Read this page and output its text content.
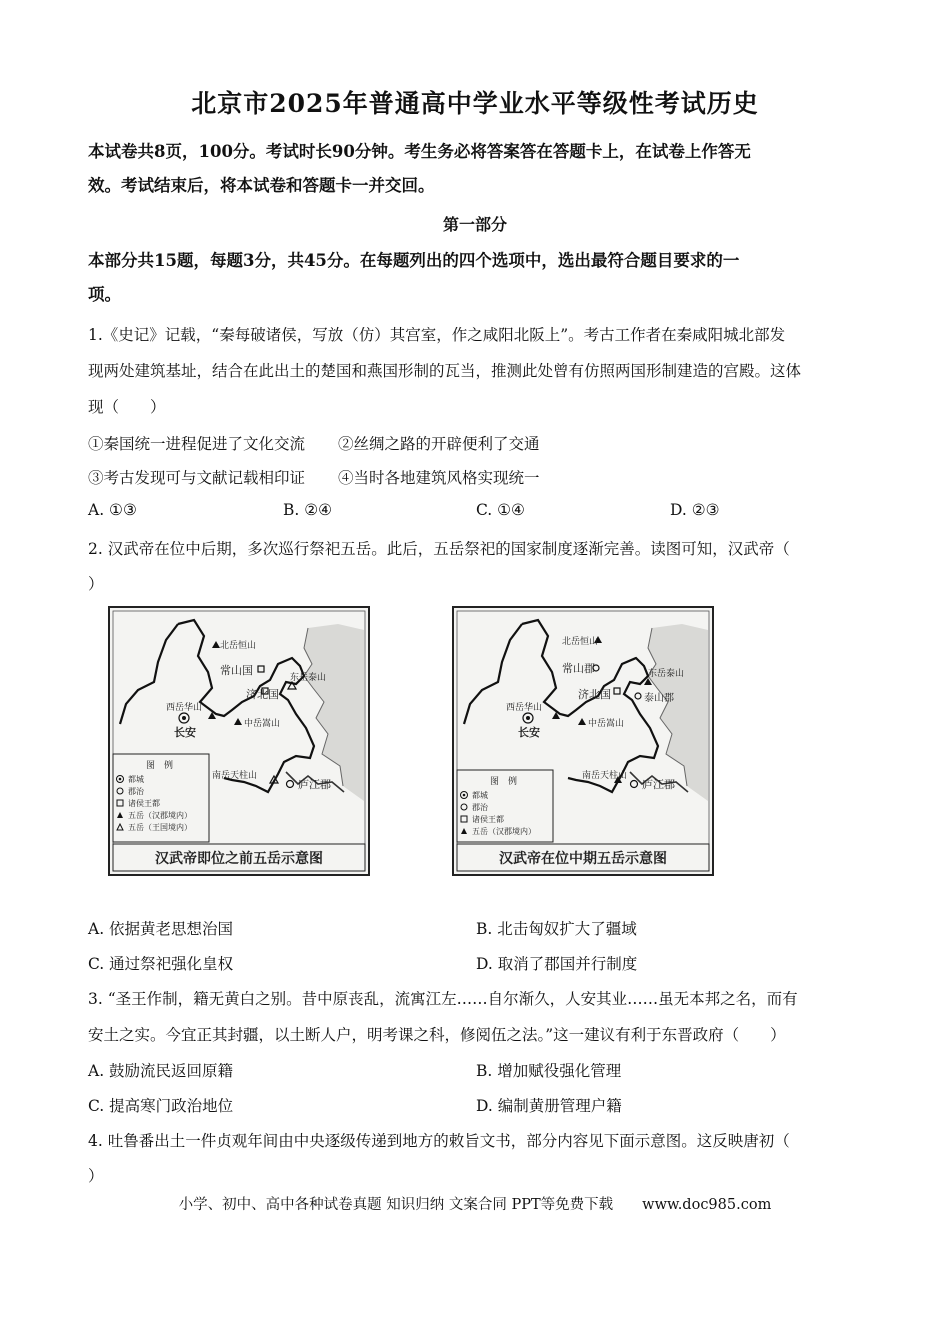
北京市2025年普通高中学业水平等级性考试历史
本试卷共8页，100分。考试时长90分钟。考生务必将答案答在答题卡上，在试卷上作答无
效。考试结束后，将本试卷和答题卡一并交回。
第一部分
本部分共15题，每题3分，共45分。在每题列出的四个选项中，选出最符合题目要求的一
项。
1.《史记》记载，“秦每破诸侯，写放（仿）其宫室，作之咸阳北阪上”。考古工作者在秦咸阳城北部发
现两处建筑基址，结合在此出土的楚国和燕国形制的瓦当，推测此处曾有仿照两国形制建造的宫殿。这体
现（　　）
①秦国统一进程促进了文化交流 ②丝绸之路的开辟便利了交通
③考古发现可与文献记载相印证 ④当时各地建筑风格实现统一
A. ①③	B. ②④	C. ①④	D. ②③
2. 汉武帝在位中后期，多次巡行祭祀五岳。此后，五岳祭祀的国家制度逐渐完善。读图可知，汉武帝（
）
北岳恒山
常山国
济北国
东岳泰山
西岳华山
中岳嵩山
长安
南岳天柱山
庐江郡
图　例
都城
郡治
诸侯王都
五岳（汉郡境内）
五岳（王国境内）
汉武帝即位之前五岳示意图
北岳恒山
常山郡
济北国
东岳泰山
泰山郡
西岳华山
中岳嵩山
长安
南岳天柱山
庐江郡
图　例
都城
郡治
诸侯王都
五岳（汉郡境内）
汉武帝在位中期五岳示意图
A. 依据黄老思想治国	B. 北击匈奴扩大了疆域
C. 通过祭祀强化皇权	D. 取消了郡国并行制度
3. “圣王作制，籍无黄白之别。昔中原丧乱，流寓江左……自尔渐久，人安其业……虽无本邦之名，而有
安土之实。今宜正其封疆，以土断人户，明考课之科，修阅伍之法。”这一建议有利于东晋政府（　　）
A. 鼓励流民返回原籍	B. 增加赋役强化管理
C. 提高寒门政治地位	D. 编制黄册管理户籍
4. 吐鲁番出土一件贞观年间由中央逐级传递到地方的敕旨文书，部分内容见下面示意图。这反映唐初（
）
小学、初中、高中各种试卷真题 知识归纳 文案合同 PPT等免费下载　　www.doc985.com
